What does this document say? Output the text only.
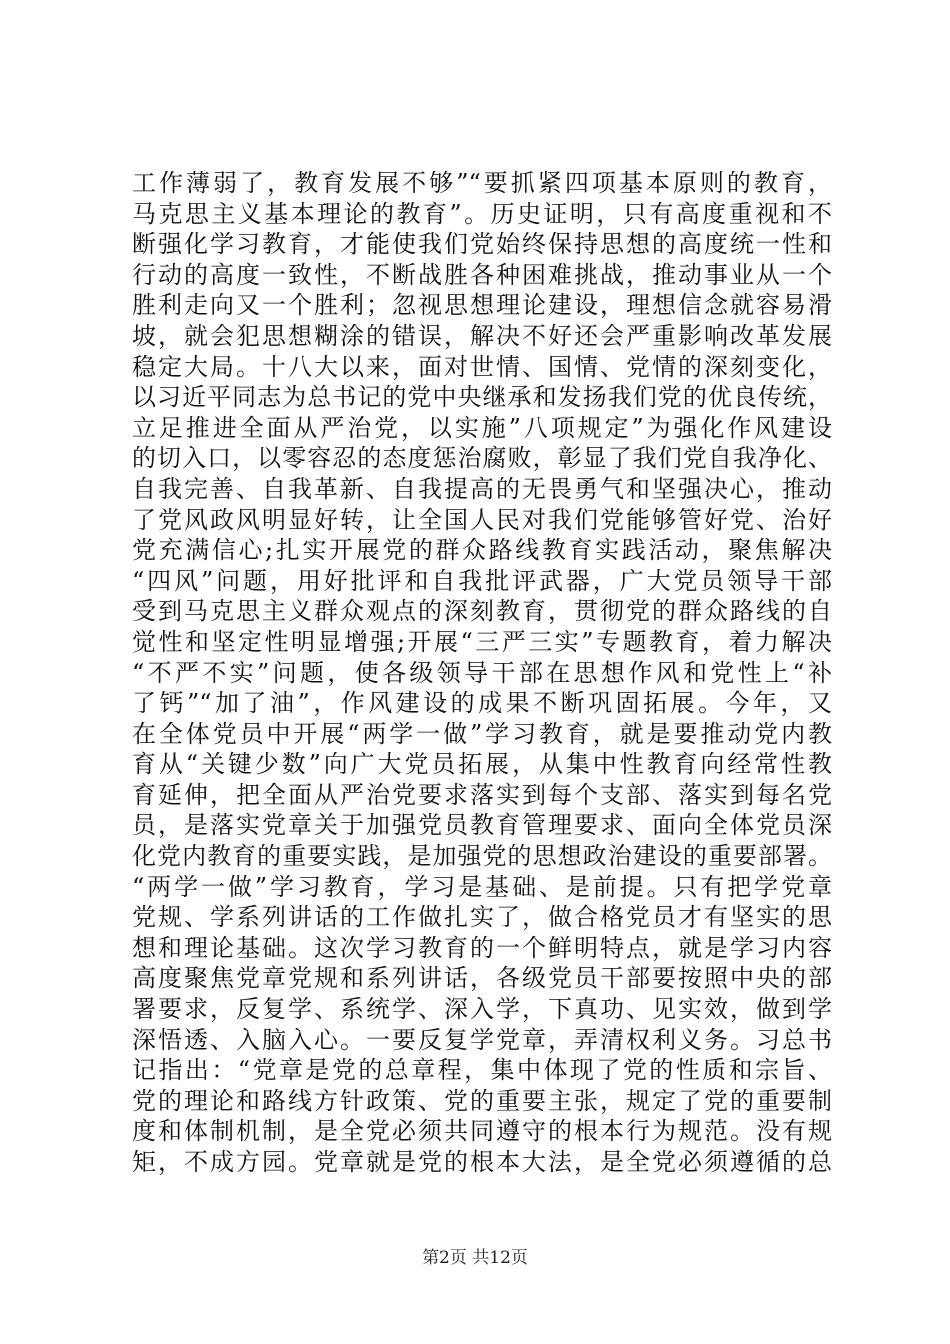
工作薄弱了，教育发展不够”“要抓紧四项基本原则的教育，
马克思主义基本理论的教育”。历史证明，只有高度重视和不
断强化学习教育，才能使我们党始终保持思想的高度统一性和
行动的高度一致性，不断战胜各种困难挑战，推动事业从一个
胜利走向又一个胜利；忽视思想理论建设，理想信念就容易滑
坡，就会犯思想糊涂的错误，解决不好还会严重影响改革发展
稳定大局。十八大以来，面对世情、国情、党情的深刻变化，
以习近平同志为总书记的党中央继承和发扬我们党的优良传统，
立足推进全面从严治党，以实施”八项规定”为强化作风建设
的切入口，以零容忍的态度惩治腐败，彰显了我们党自我净化、
自我完善、自我革新、自我提高的无畏勇气和坚强决心，推动
了党风政风明显好转，让全国人民对我们党能够管好党、治好
党充满信心;扎实开展党的群众路线教育实践活动，聚焦解决
“四风”问题，用好批评和自我批评武器，广大党员领导干部
受到马克思主义群众观点的深刻教育，贯彻党的群众路线的自
觉性和坚定性明显增强;开展“三严三实”专题教育，着力解决
“不严不实”问题，使各级领导干部在思想作风和党性上“补
了钙”“加了油”，作风建设的成果不断巩固拓展。今年，又
在全体党员中开展“两学一做”学习教育，就是要推动党内教
育从“关键少数”向广大党员拓展，从集中性教育向经常性教
育延伸，把全面从严治党要求落实到每个支部、落实到每名党
员，是落实党章关于加强党员教育管理要求、面向全体党员深
化党内教育的重要实践，是加强党的思想政治建设的重要部署。
“两学一做”学习教育，学习是基础、是前提。只有把学党章
党规、学系列讲话的工作做扎实了，做合格党员才有坚实的思
想和理论基础。这次学习教育的一个鲜明特点，就是学习内容
高度聚焦党章党规和系列讲话，各级党员干部要按照中央的部
署要求，反复学、系统学、深入学，下真功、见实效，做到学
深悟透、入脑入心。一要反复学党章，弄清权利义务。习总书
记指出：“党章是党的总章程，集中体现了党的性质和宗旨、
党的理论和路线方针政策、党的重要主张，规定了党的重要制
度和体制机制，是全党必须共同遵守的根本行为规范。没有规
矩，不成方园。党章就是党的根本大法，是全党必须遵循的总
第2页 共12页
